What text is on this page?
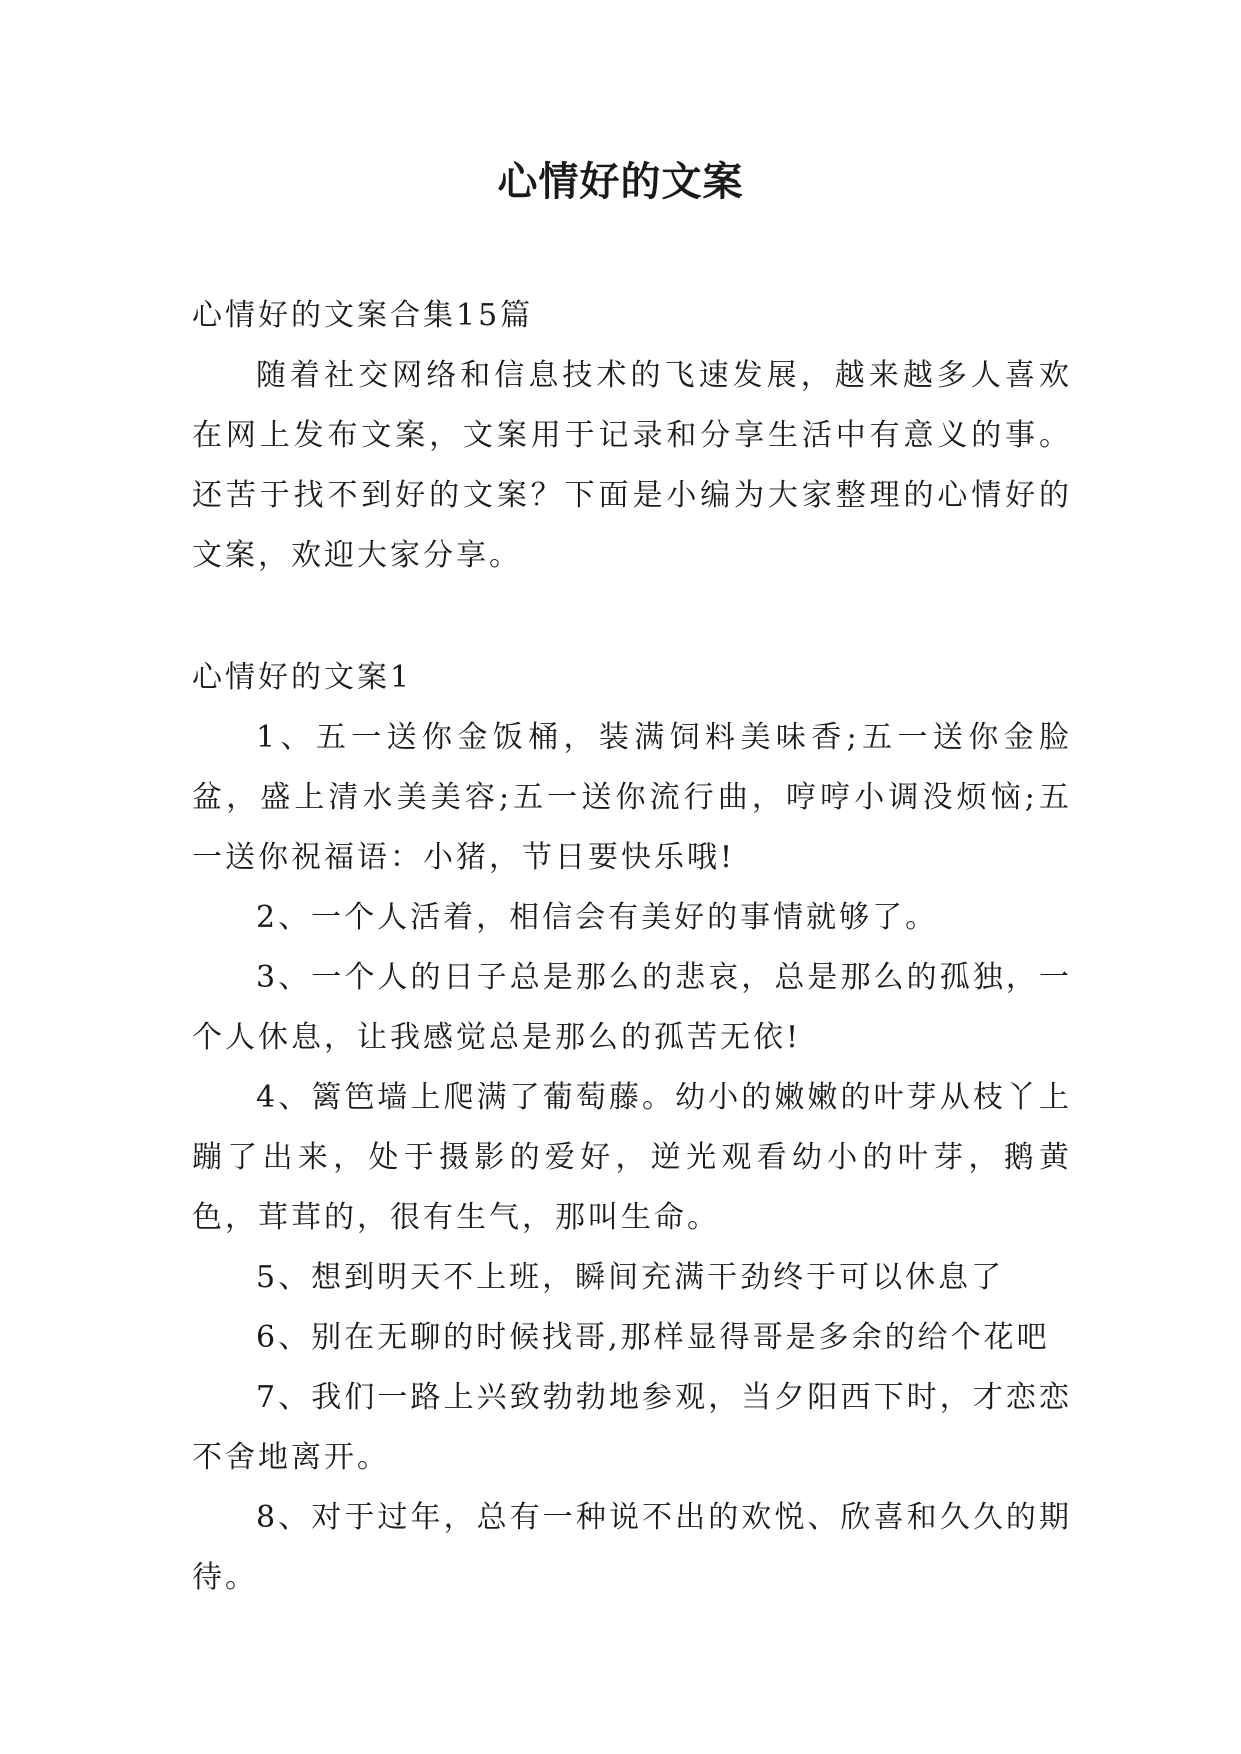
心情好的文案

心情好的文案合集15篇

随着社交网络和信息技术的飞速发展，越来越多人喜欢在网上发布文案，文案用于记录和分享生活中有意义的事。还苦于找不到好的文案？下面是小编为大家整理的心情好的文案，欢迎大家分享。

心情好的文案1

1、五一送你金饭桶，装满饲料美味香;五一送你金脸盆，盛上清水美美容;五一送你流行曲，哼哼小调没烦恼;五一送你祝福语：小猪，节日要快乐哦!

2、一个人活着，相信会有美好的事情就够了。

3、一个人的日子总是那么的悲哀，总是那么的孤独，一个人休息，让我感觉总是那么的孤苦无依!

4、篱笆墙上爬满了葡萄藤。幼小的嫩嫩的叶芽从枝丫上蹦了出来，处于摄影的爱好，逆光观看幼小的叶芽，鹅黄色，茸茸的，很有生气，那叫生命。

5、想到明天不上班，瞬间充满干劲终于可以休息了

6、别在无聊的时候找哥,那样显得哥是多余的给个花吧

7、我们一路上兴致勃勃地参观，当夕阳西下时，才恋恋不舍地离开。

8、对于过年，总有一种说不出的欢悦、欣喜和久久的期待。
